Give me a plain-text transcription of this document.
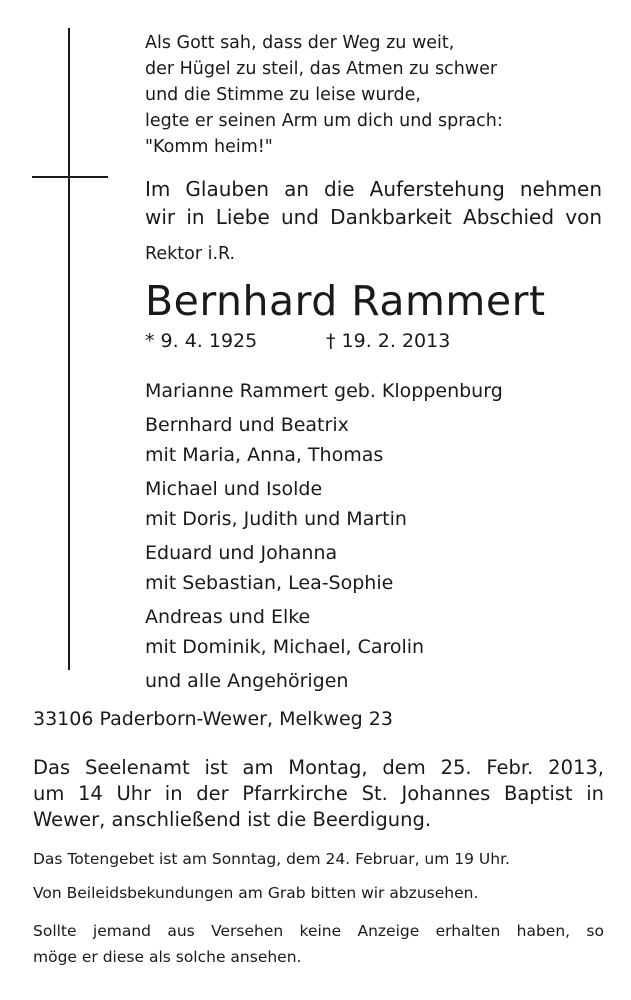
Als Gott sah, dass der Weg zu weit,
der Hügel zu steil, das Atmen zu schwer
und die Stimme zu leise wurde,
legte er seinen Arm um dich und sprach:
"Komm heim!"
Im Glauben an die Auferstehung nehmen
wir in Liebe und Dankbarkeit Abschied von
Rektor i.R.
Bernhard Rammert
* 9. 4. 1925	† 19. 2. 2013
Marianne Rammert geb. Kloppenburg
Bernhard und Beatrix
mit Maria, Anna, Thomas
Michael und Isolde
mit Doris, Judith und Martin
Eduard und Johanna
mit Sebastian, Lea-Sophie
Andreas und Elke
mit Dominik, Michael, Carolin
und alle Angehörigen
33106 Paderborn-Wewer, Melkweg 23
Das Seelenamt ist am Montag, dem 25. Febr. 2013,
um 14 Uhr in der Pfarrkirche St. Johannes Baptist in
Wewer, anschließend ist die Beerdigung.
Das Totengebet ist am Sonntag, dem 24. Februar, um 19 Uhr.
Von Beileidsbekundungen am Grab bitten wir abzusehen.
Sollte jemand aus Versehen keine Anzeige erhalten haben, so
möge er diese als solche ansehen.
